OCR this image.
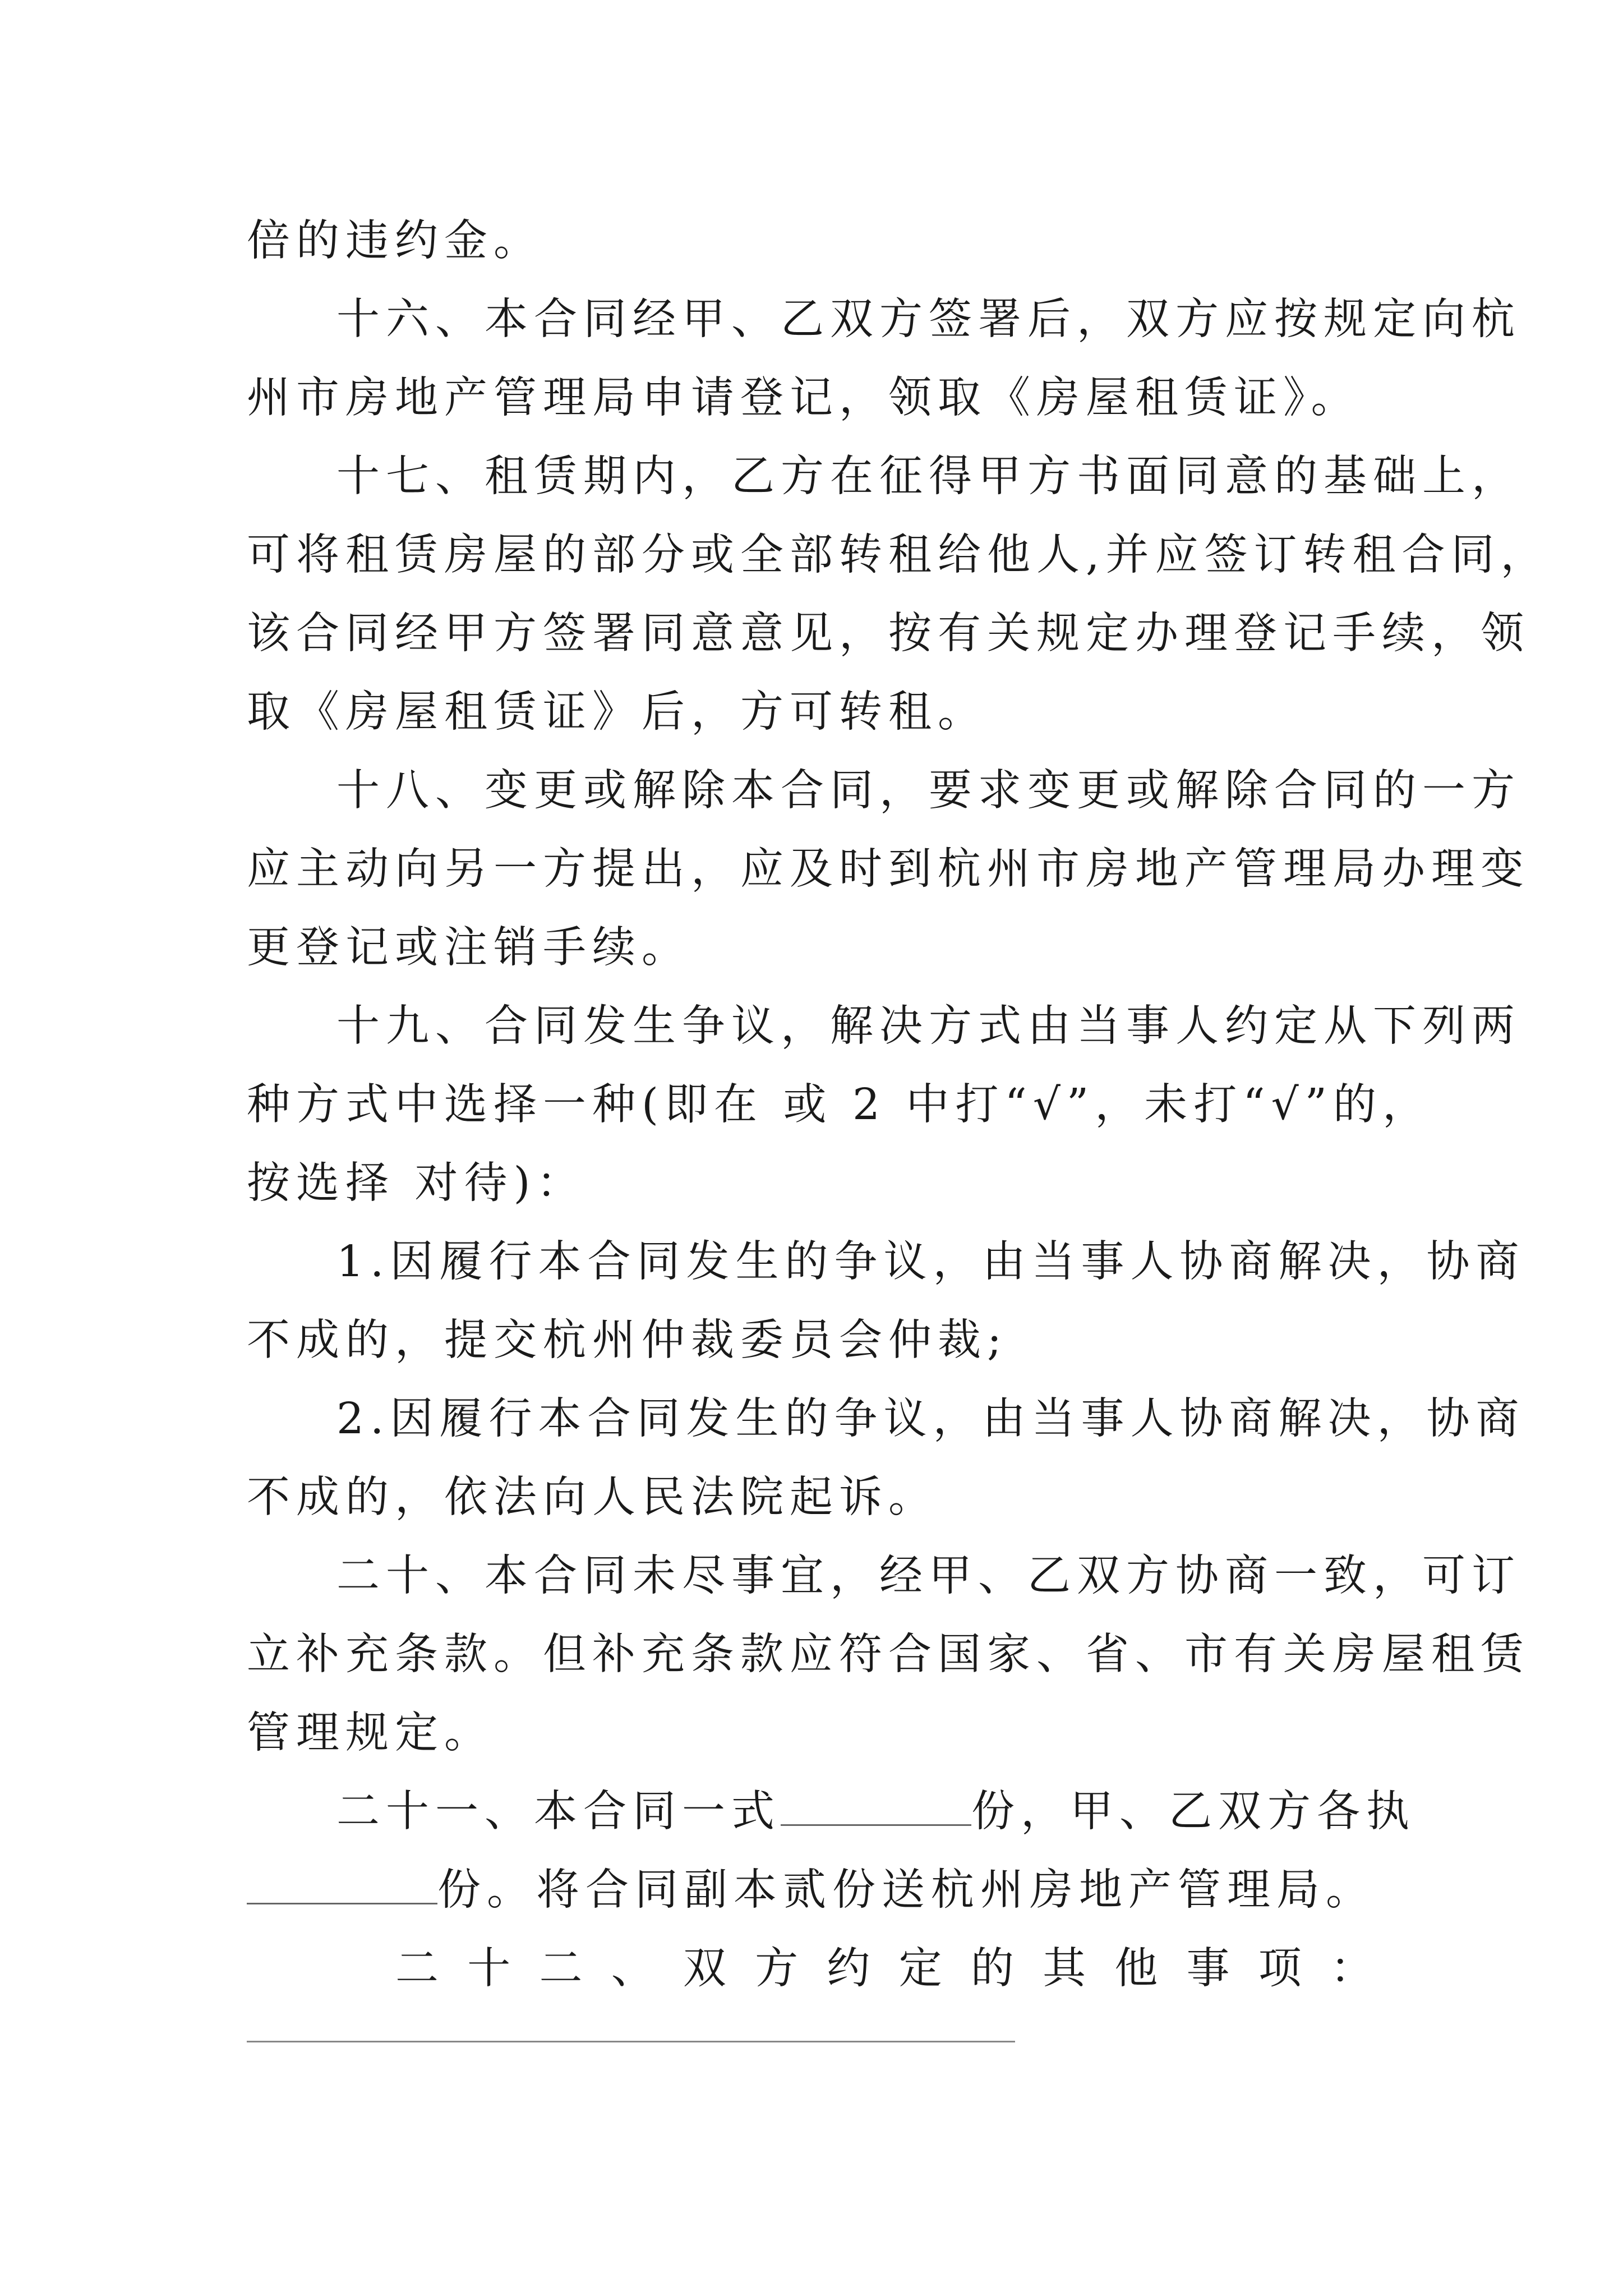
倍的违约金。
十六、本合同经甲、乙双方签署后，双方应按规定向杭
州市房地产管理局申请登记，领取《房屋租赁证》。
十七、租赁期内，乙方在征得甲方书面同意的基础上，
可将租赁房屋的部分或全部转租给他人,并应签订转租合同，
该合同经甲方签署同意意见，按有关规定办理登记手续，领
取《房屋租赁证》后，方可转租。
十八、变更或解除本合同，要求变更或解除合同的一方
应主动向另一方提出，应及时到杭州市房地产管理局办理变
更登记或注销手续。
十九、合同发生争议，解决方式由当事人约定从下列两
种方式中选择一种(即在 或 2 中打“√”，未打“√”的，
按选择 对待)：
1.因履行本合同发生的争议，由当事人协商解决，协商
不成的，提交杭州仲裁委员会仲裁;
2.因履行本合同发生的争议，由当事人协商解决，协商
不成的，依法向人民法院起诉。
二十、本合同未尽事宜，经甲、乙双方协商一致，可订
立补充条款。但补充条款应符合国家、省、市有关房屋租赁
管理规定。
二十一、本合同一式	份，甲、乙双方各执
份。将合同副本贰份送杭州房地产管理局。
二 十 二 、 双 方 约 定 的 其 他 事 项 ：
